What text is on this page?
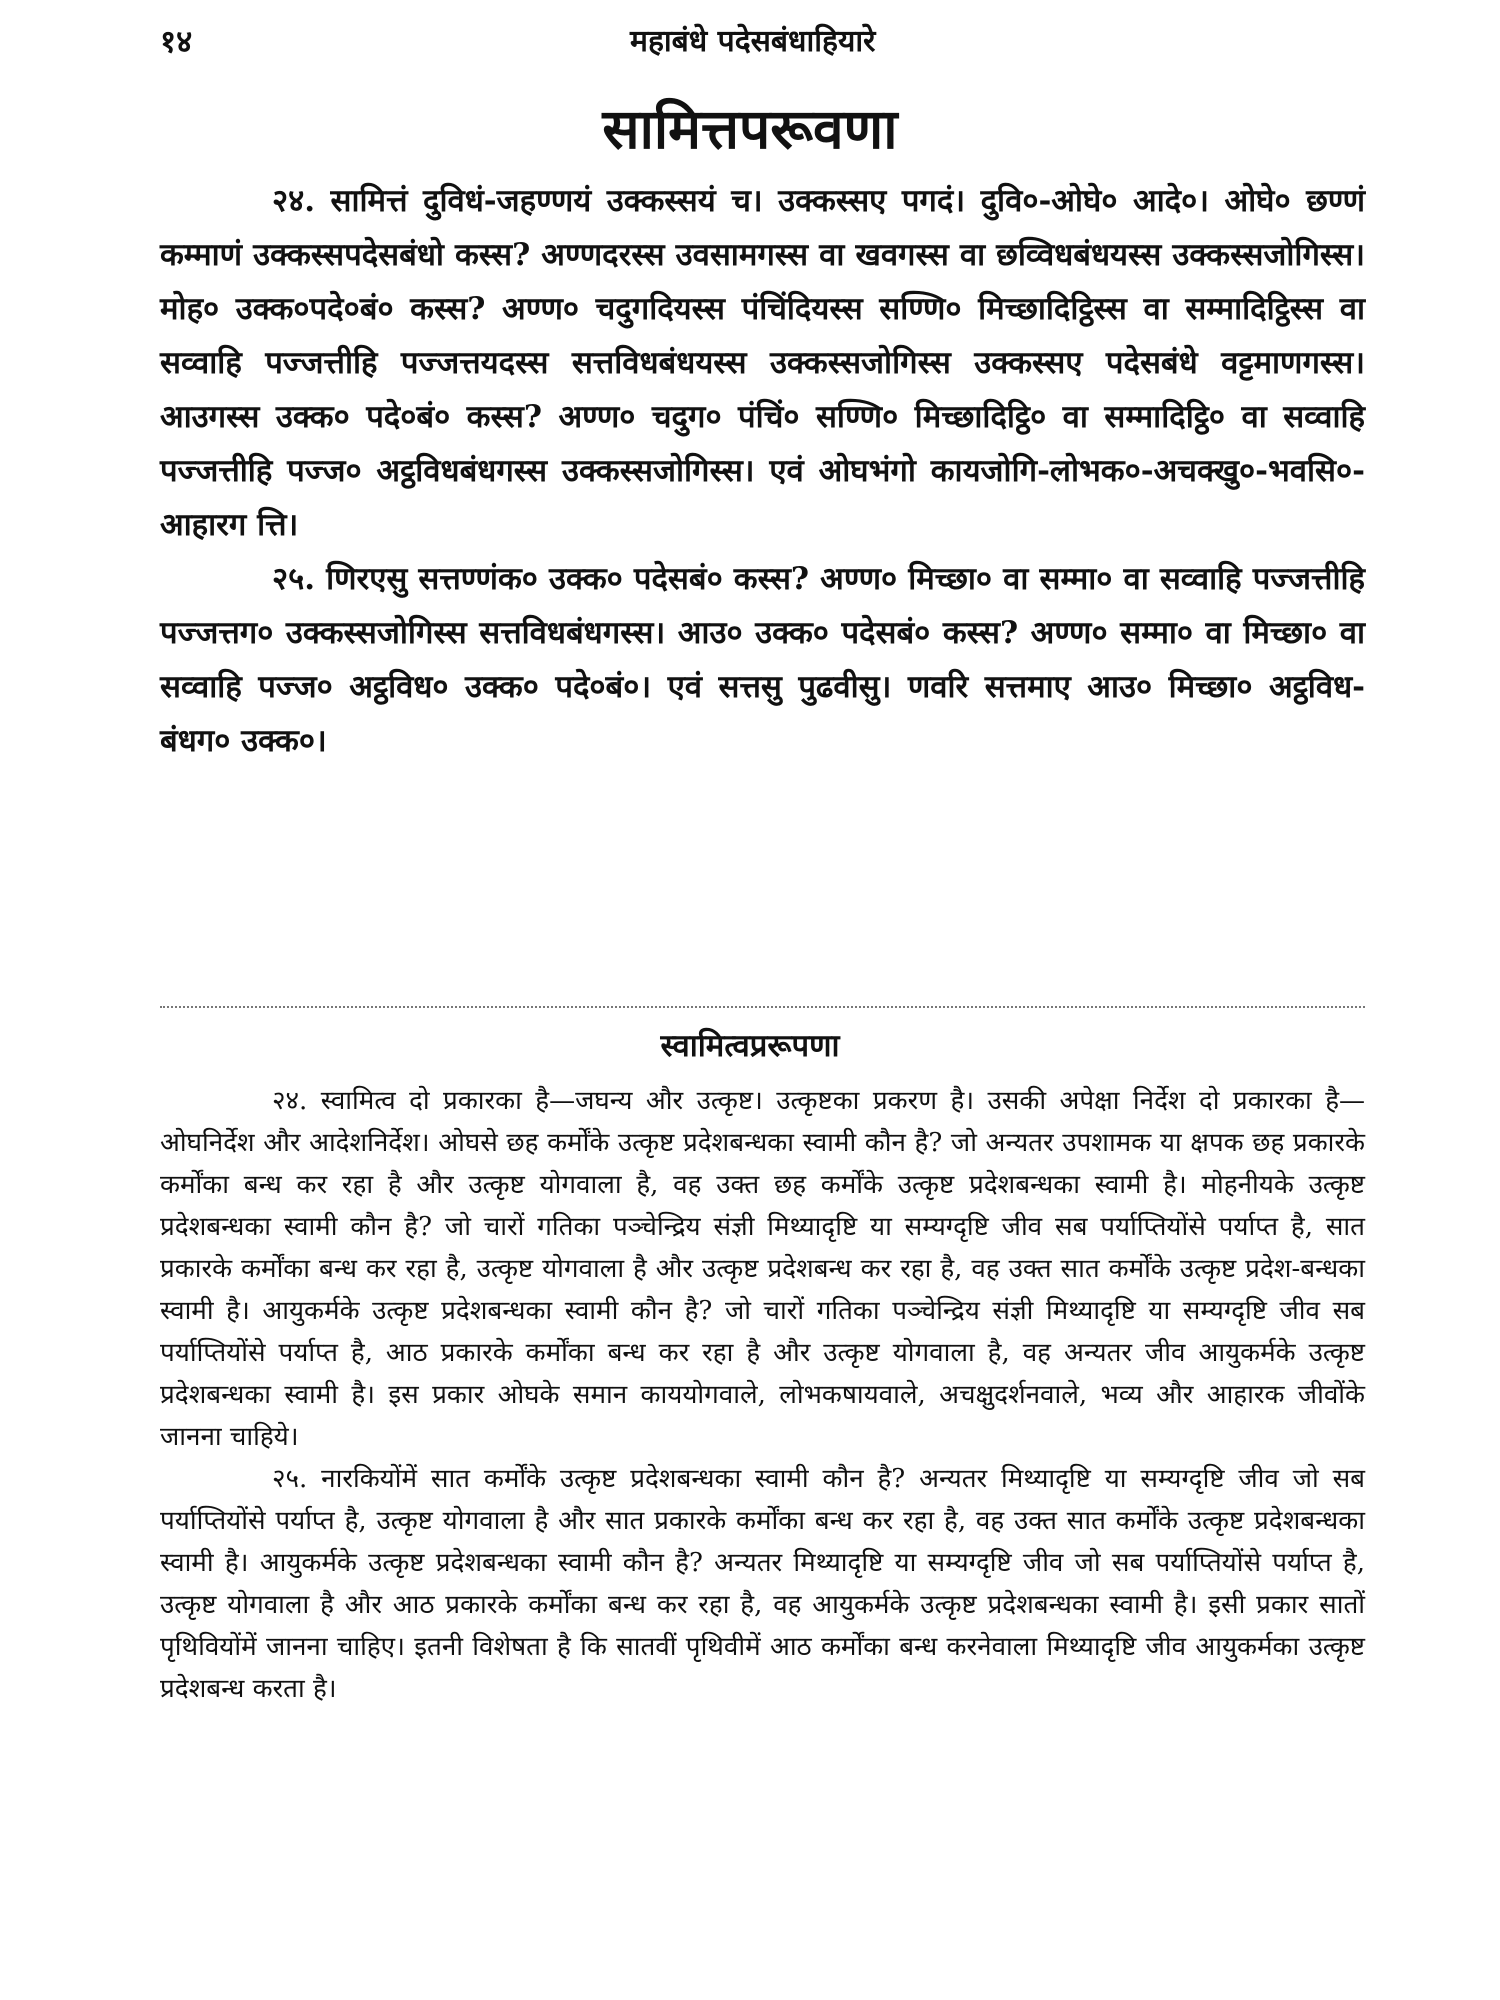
१४	महाबंधे पदेसबंधाहियारे
सामित्तपरूवणा

२४. सामित्तं दुविधं-जहण्णयं उक्कस्सयं च। उक्कस्सए पगदं। दुवि०-ओघे० आदे०। ओघे० छण्णं कम्माणं उक्कस्सपदेसबंधो कस्स? अण्णदरस्स उवसामगस्स वा खवगस्स वा छव्विधबंधयस्स उक्कस्सजोगिस्स। मोह० उक्क०पदे०बं० कस्स? अण्ण० चदुगदियस्स पंचिंदियस्स सण्णि० मिच्छादिट्ठिस्स वा सम्मादिट्ठिस्स वा सव्वाहि पज्जत्तीहि पज्जत्तयदस्स सत्तविधबंधयस्स उक्कस्सजोगिस्स उक्कस्सए पदेसबंधे वट्टमाणगस्स। आउगस्स उक्क० पदे०बं० कस्स? अण्ण० चदुग० पंचिं० सण्णि० मिच्छादिट्ठि० वा सम्मादिट्ठि० वा सव्वाहि पज्जत्तीहि पज्ज० अट्ठविधबंधगस्स उक्कस्सजोगिस्स। एवं ओघभंगो कायजोगि-लोभक०-अचक्खु०-भवसि०-आहारग त्ति।

२५. णिरएसु सत्तण्णंक० उक्क० पदेसबं० कस्स? अण्ण० मिच्छा० वा सम्मा० वा सव्वाहि पज्जत्तीहि पज्जत्तग० उक्कस्सजोगिस्स सत्तविधबंधगस्स। आउ० उक्क० पदेसबं० कस्स? अण्ण० सम्मा० वा मिच्छा० वा सव्वाहि पज्ज० अट्ठविध० उक्क० पदे०बं०। एवं सत्तसु पुढवीसु। णवरि सत्तमाए आउ० मिच्छा० अट्ठविध-बंधग० उक्क०।

स्वामित्वप्ररूपणा

२४. स्वामित्व दो प्रकारका है—जघन्य और उत्कृष्ट। उत्कृष्टका प्रकरण है। उसकी अपेक्षा निर्देश दो प्रकारका है—ओघनिर्देश और आदेशनिर्देश। ओघसे छह कर्मोंके उत्कृष्ट प्रदेशबन्धका स्वामी कौन है? जो अन्यतर उपशामक या क्षपक छह प्रकारके कर्मोंका बन्ध कर रहा है और उत्कृष्ट योगवाला है, वह उक्त छह कर्मोंके उत्कृष्ट प्रदेशबन्धका स्वामी है। मोहनीयके उत्कृष्ट प्रदेशबन्धका स्वामी कौन है? जो चारों गतिका पञ्चेन्द्रिय संज्ञी मिथ्यादृष्टि या सम्यग्दृष्टि जीव सब पर्याप्तियोंसे पर्याप्त है, सात प्रकारके कर्मोंका बन्ध कर रहा है, उत्कृष्ट योगवाला है और उत्कृष्ट प्रदेशबन्ध कर रहा है, वह उक्त सात कर्मोंके उत्कृष्ट प्रदेश-बन्धका स्वामी है। आयुकर्मके उत्कृष्ट प्रदेशबन्धका स्वामी कौन है? जो चारों गतिका पञ्चेन्द्रिय संज्ञी मिथ्यादृष्टि या सम्यग्दृष्टि जीव सब पर्याप्तियोंसे पर्याप्त है, आठ प्रकारके कर्मोंका बन्ध कर रहा है और उत्कृष्ट योगवाला है, वह अन्यतर जीव आयुकर्मके उत्कृष्ट प्रदेशबन्धका स्वामी है। इस प्रकार ओघके समान काययोगवाले, लोभकषायवाले, अचक्षुदर्शनवाले, भव्य और आहारक जीवोंके जानना चाहिये।

२५. नारकियोंमें सात कर्मोंके उत्कृष्ट प्रदेशबन्धका स्वामी कौन है? अन्यतर मिथ्यादृष्टि या सम्यग्दृष्टि जीव जो सब पर्याप्तियोंसे पर्याप्त है, उत्कृष्ट योगवाला है और सात प्रकारके कर्मोंका बन्ध कर रहा है, वह उक्त सात कर्मोंके उत्कृष्ट प्रदेशबन्धका स्वामी है। आयुकर्मके उत्कृष्ट प्रदेशबन्धका स्वामी कौन है? अन्यतर मिथ्यादृष्टि या सम्यग्दृष्टि जीव जो सब पर्याप्तियोंसे पर्याप्त है, उत्कृष्ट योगवाला है और आठ प्रकारके कर्मोंका बन्ध कर रहा है, वह आयुकर्मके उत्कृष्ट प्रदेशबन्धका स्वामी है। इसी प्रकार सातों पृथिवियोंमें जानना चाहिए। इतनी विशेषता है कि सातवीं पृथिवीमें आठ कर्मोंका बन्ध करनेवाला मिथ्यादृष्टि जीव आयुकर्मका उत्कृष्ट प्रदेशबन्ध करता है।
